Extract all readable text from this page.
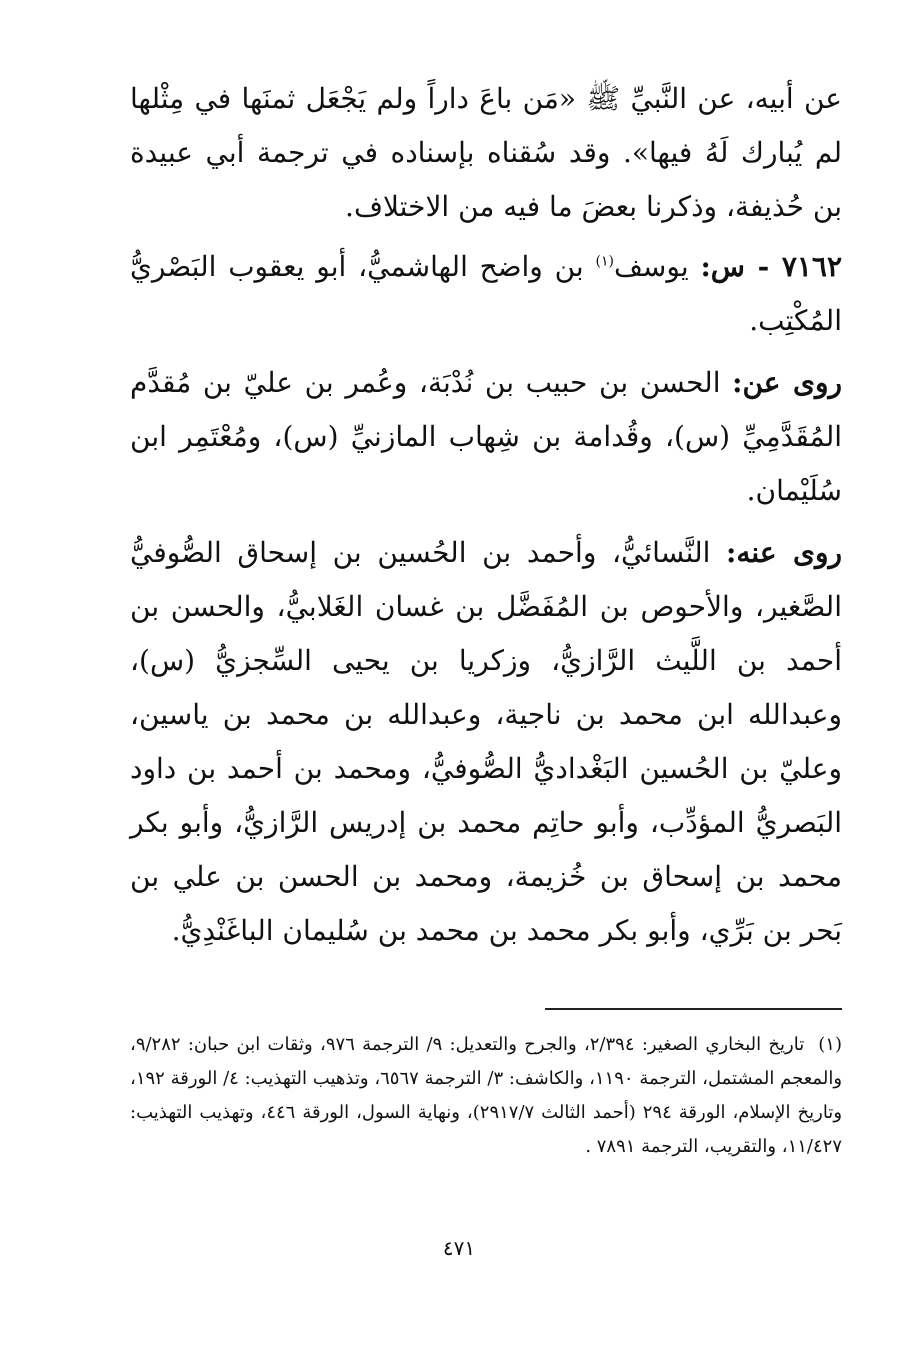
عن أبيه، عن النَّبيِّ ﷺ «مَن باعَ داراً ولم يَجْعَل ثمنَها في مِثْلها لم يُبارك لَهُ فيها». وقد سُقناه بإسناده في ترجمة أبي عبيدة بن حُذيفة، وذكرنا بعضَ ما فيه من الاختلاف.

٧١٦٢ - س: يوسف$^{(١)}$ بن واضح الهاشميُّ، أبو يعقوب البَصْريُّ المُكْتِب.

روى عن: الحسن بن حبيب بن نُدْبَة، وعُمر بن عليّ بن مُقدَّم المُقَدَّمِيِّ (س)، وقُدامة بن شِهاب المازنيِّ (س)، ومُعْتَمِر ابن سُلَيْمان.

روى عنه: النَّسائيُّ، وأحمد بن الحُسين بن إسحاق الصُّوفيُّ الصَّغير، والأحوص بن المُفَضَّل بن غسان الغَلابيُّ، والحسن بن أحمد بن اللَّيث الرَّازيُّ، وزكريا بن يحيى السِّجزيُّ (س)، وعبدالله ابن محمد بن ناجية، وعبدالله بن محمد بن ياسين، وعليّ بن الحُسين البَغْداديُّ الصُّوفيُّ، ومحمد بن أحمد بن داود البَصريُّ المؤدِّب، وأبو حاتِم محمد بن إدريس الرَّازيُّ، وأبو بكر محمد بن إسحاق بن خُزيمة، ومحمد بن الحسن بن علي بن بَحر بن بَرِّي، وأبو بكر محمد بن محمد بن سُليمان الباغَنْدِيُّ.

(١)تاريخ البخاري الصغير: ٢/٣٩٤، والجرح والتعديل: ٩/ الترجمة ٩٧٦، وثقات ابن حبان: ٩/٢٨٢، والمعجم المشتمل، الترجمة ١١٩٠، والكاشف: ٣/ الترجمة ٦٥٦٧، وتذهيب التهذيب: ٤/ الورقة ١٩٢، وتاريخ الإسلام، الورقة ٢٩٤ (أحمد الثالث ٢٩١٧/٧)، ونهاية السول، الورقة ٤٤٦، وتهذيب التهذيب: ١١/٤٢٧، والتقريب، الترجمة ٧٨٩١ .

٤٧١
